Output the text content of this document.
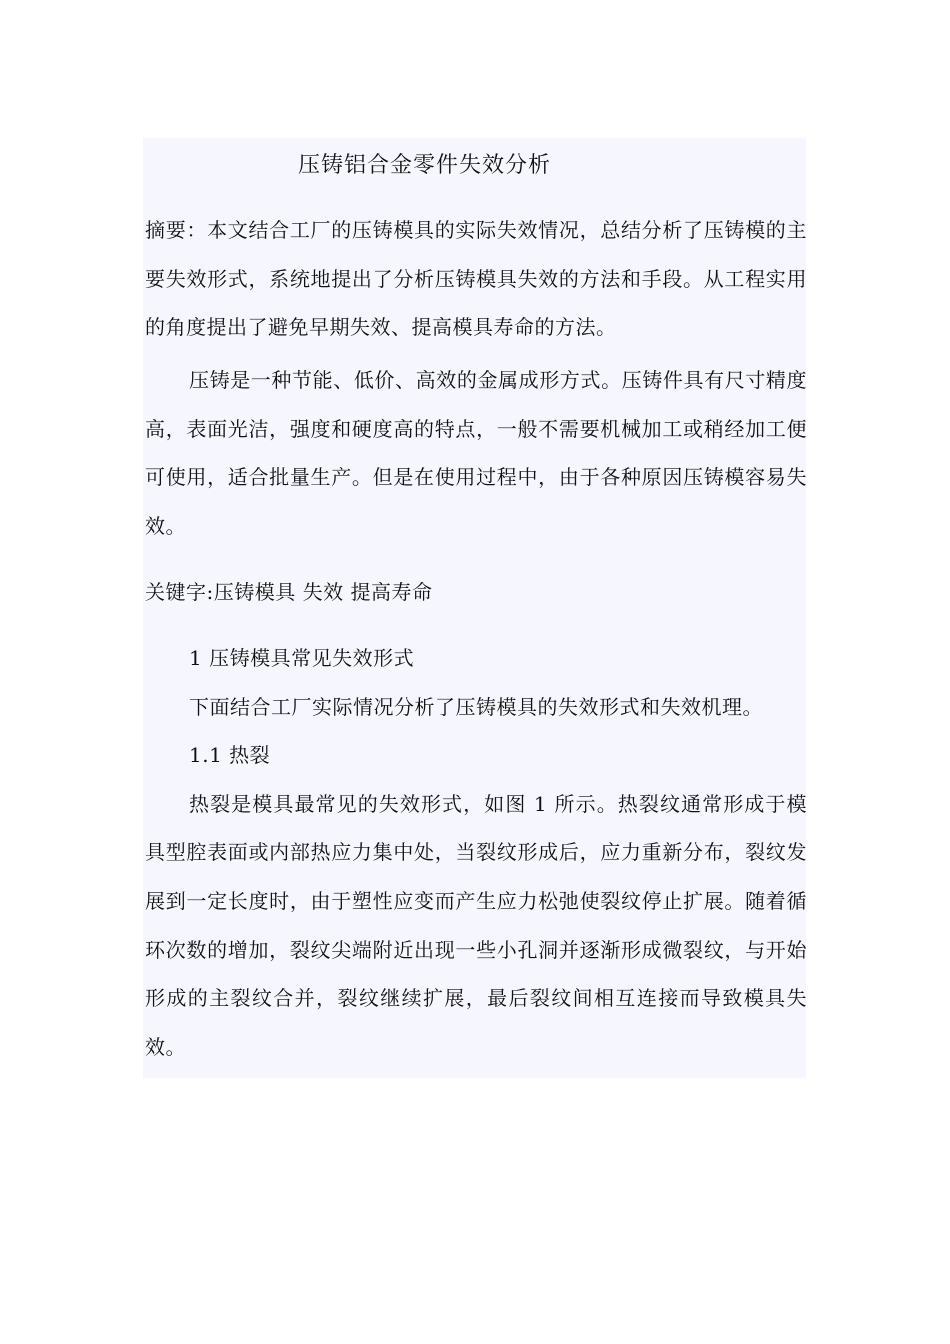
压铸铝合金零件失效分析

摘要：本文结合工厂的压铸模具的实际失效情况，总结分析了压铸模的主要失效形式，系统地提出了分析压铸模具失效的方法和手段。从工程实用的角度提出了避免早期失效、提高模具寿命的方法。

压铸是一种节能、低价、高效的金属成形方式。压铸件具有尺寸精度高，表面光洁，强度和硬度高的特点，一般不需要机械加工或稍经加工便可使用，适合批量生产。但是在使用过程中，由于各种原因压铸模容易失效。

关键字:压铸模具 失效 提高寿命

1 压铸模具常见失效形式

下面结合工厂实际情况分析了压铸模具的失效形式和失效机理。

1.1 热裂

热裂是模具最常见的失效形式，如图 1 所示。热裂纹通常形成于模具型腔表面或内部热应力集中处，当裂纹形成后，应力重新分布，裂纹发展到一定长度时，由于塑性应变而产生应力松弛使裂纹停止扩展。随着循环次数的增加，裂纹尖端附近出现一些小孔洞并逐渐形成微裂纹，与开始形成的主裂纹合并，裂纹继续扩展，最后裂纹间相互连接而导致模具失效。
